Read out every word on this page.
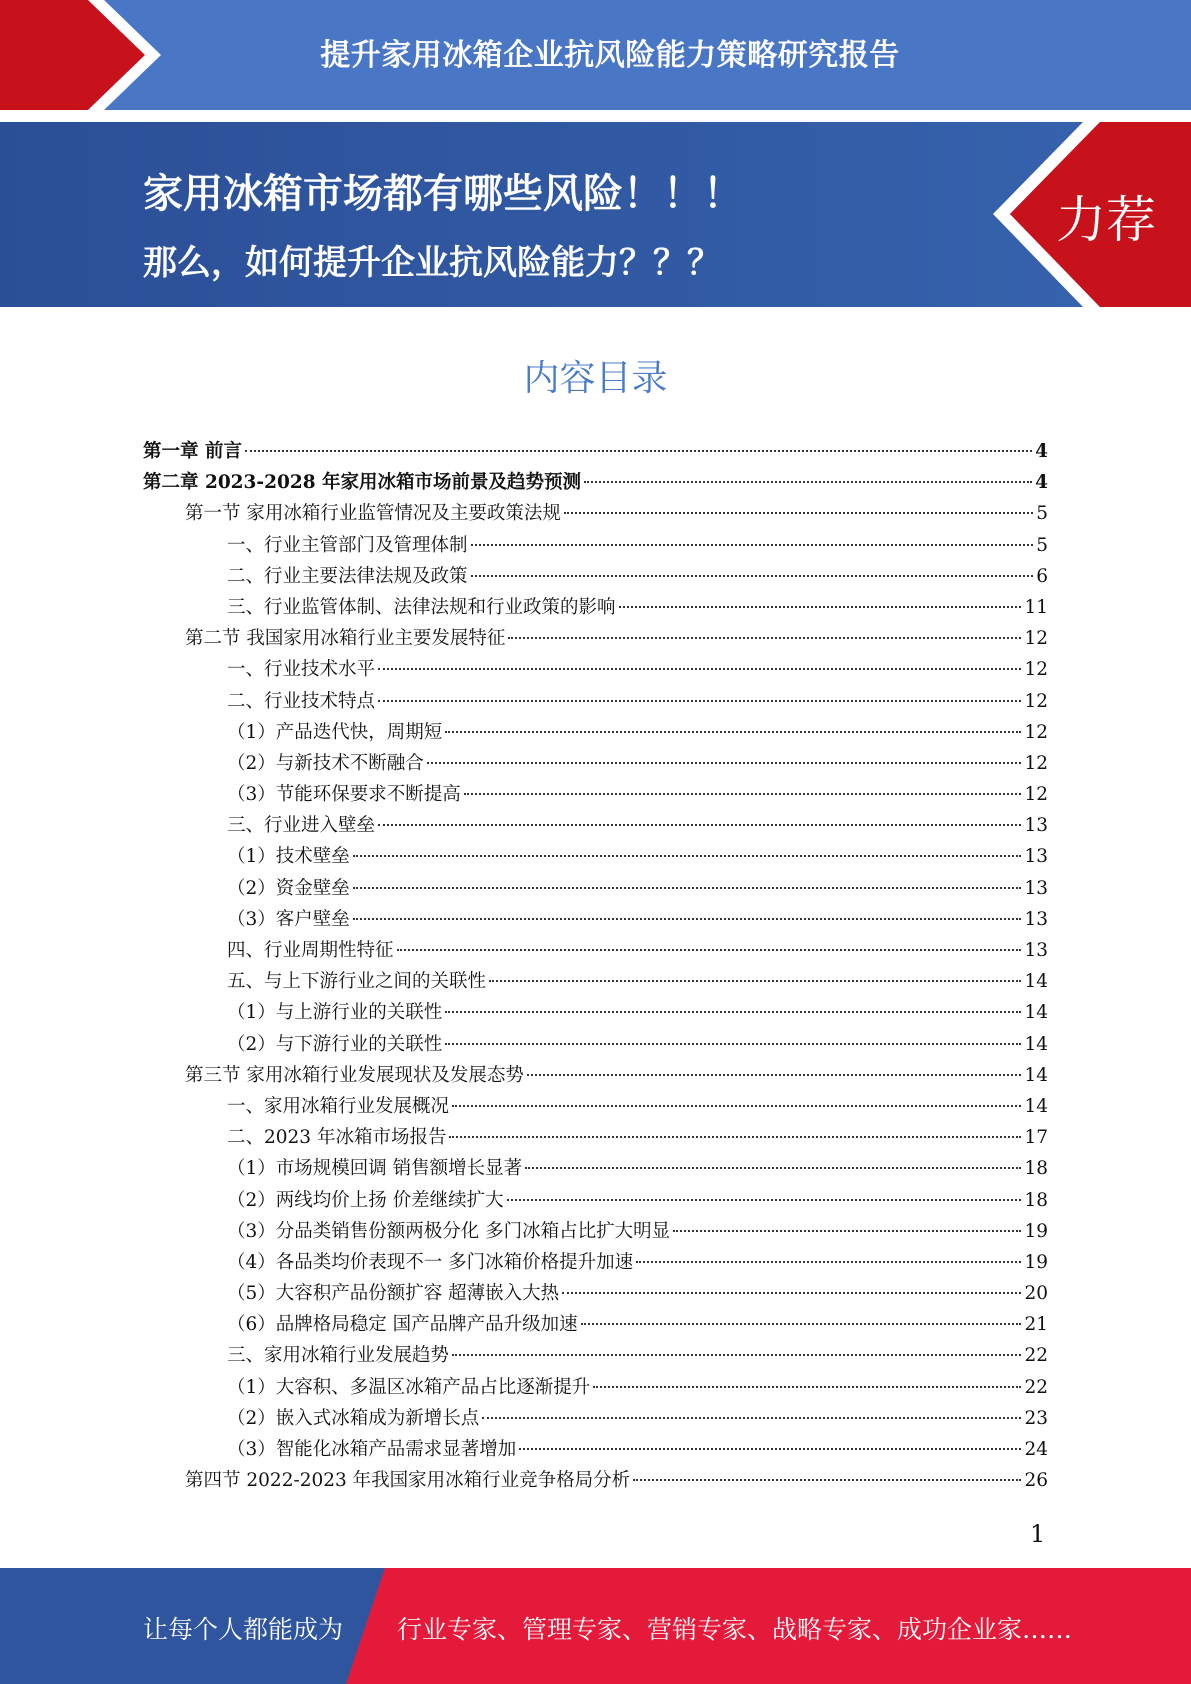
提升家用冰箱企业抗风险能力策略研究报告
家用冰箱市场都有哪些风险！！！
那么，如何提升企业抗风险能力？？？
力荐
内容目录
第一章 前言	4
第二章 2023-2028 年家用冰箱市场前景及趋势预测	4
第一节 家用冰箱行业监管情况及主要政策法规	5
一、行业主管部门及管理体制	5
二、行业主要法律法规及政策	6
三、行业监管体制、法律法规和行业政策的影响	11
第二节 我国家用冰箱行业主要发展特征	12
一、行业技术水平	12
二、行业技术特点	12
（1）产品迭代快，周期短	12
（2）与新技术不断融合	12
（3）节能环保要求不断提高	12
三、行业进入壁垒	13
（1）技术壁垒	13
（2）资金壁垒	13
（3）客户壁垒	13
四、行业周期性特征	13
五、与上下游行业之间的关联性	14
（1）与上游行业的关联性	14
（2）与下游行业的关联性	14
第三节 家用冰箱行业发展现状及发展态势	14
一、家用冰箱行业发展概况	14
二、2023 年冰箱市场报告	17
（1）市场规模回调 销售额增长显著	18
（2）两线均价上扬 价差继续扩大	18
（3）分品类销售份额两极分化 多门冰箱占比扩大明显	19
（4）各品类均价表现不一 多门冰箱价格提升加速	19
（5）大容积产品份额扩容 超薄嵌入大热	20
（6）品牌格局稳定 国产品牌产品升级加速	21
三、家用冰箱行业发展趋势	22
（1）大容积、多温区冰箱产品占比逐渐提升	22
（2）嵌入式冰箱成为新增长点	23
（3）智能化冰箱产品需求显著增加	24
第四节 2022-2023 年我国家用冰箱行业竞争格局分析	26
1
让每个人都能成为 行业专家、管理专家、营销专家、战略专家、成功企业家……
